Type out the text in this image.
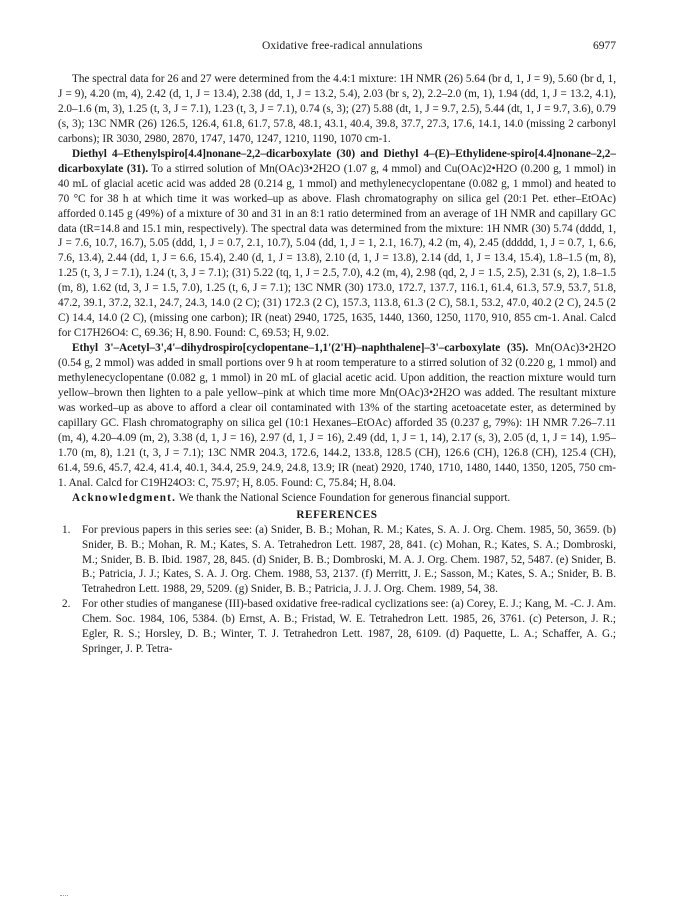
Oxidative free-radical annulations	6977

The spectral data for 26 and 27 were determined from the 4.4:1 mixture: 1H NMR (26) 5.64 (br d, 1, J = 9), 5.60 (br d, 1, J = 9), 4.20 (m, 4), 2.42 (d, 1, J = 13.4), 2.38 (dd, 1, J = 13.2, 5.4), 2.03 (br s, 2), 2.2–2.0 (m, 1), 1.94 (dd, 1, J = 13.2, 4.1), 2.0–1.6 (m, 3), 1.25 (t, 3, J = 7.1), 1.23 (t, 3, J = 7.1), 0.74 (s, 3); (27) 5.88 (dt, 1, J = 9.7, 2.5), 5.44 (dt, 1, J = 9.7, 3.6), 0.79 (s, 3); 13C NMR (26) 126.5, 126.4, 61.8, 61.7, 57.8, 48.1, 43.1, 40.4, 39.8, 37.7, 27.3, 17.6, 14.1, 14.0 (missing 2 carbonyl carbons); IR 3030, 2980, 2870, 1747, 1470, 1247, 1210, 1190, 1070 cm-1.

Diethyl 4–Ethenylspiro[4.4]nonane–2,2–dicarboxylate (30) and Diethyl 4–(E)–Ethylidene-spiro[4.4]nonane–2,2–dicarboxylate (31). To a stirred solution of Mn(OAc)3•2H2O (1.07 g, 4 mmol) and Cu(OAc)2•H2O (0.200 g, 1 mmol) in 40 mL of glacial acetic acid was added 28 (0.214 g, 1 mmol) and methylenecyclopentane (0.082 g, 1 mmol) and heated to 70 °C for 38 h at which time it was worked–up as above. Flash chromatography on silica gel (20:1 Pet. ether–EtOAc) afforded 0.145 g (49%) of a mixture of 30 and 31 in an 8:1 ratio determined from an average of 1H NMR and capillary GC data (tR=14.8 and 15.1 min, respectively). The spectral data was determined from the mixture: 1H NMR (30) 5.74 (dddd, 1, J = 7.6, 10.7, 16.7), 5.05 (ddd, 1, J = 0.7, 2.1, 10.7), 5.04 (dd, 1, J = 1, 2.1, 16.7), 4.2 (m, 4), 2.45 (ddddd, 1, J = 0.7, 1, 6.6, 7.6, 13.4), 2.44 (dd, 1, J = 6.6, 15.4), 2.40 (d, 1, J = 13.8), 2.10 (d, 1, J = 13.8), 2.14 (dd, 1, J = 13.4, 15.4), 1.8–1.5 (m, 8), 1.25 (t, 3, J = 7.1), 1.24 (t, 3, J = 7.1); (31) 5.22 (tq, 1, J = 2.5, 7.0), 4.2 (m, 4), 2.98 (qd, 2, J = 1.5, 2.5), 2.31 (s, 2), 1.8–1.5 (m, 8), 1.62 (td, 3, J = 1.5, 7.0), 1.25 (t, 6, J = 7.1); 13C NMR (30) 173.0, 172.7, 137.7, 116.1, 61.4, 61.3, 57.9, 53.7, 51.8, 47.2, 39.1, 37.2, 32.1, 24.7, 24.3, 14.0 (2 C); (31) 172.3 (2 C), 157.3, 113.8, 61.3 (2 C), 58.1, 53.2, 47.0, 40.2 (2 C), 24.5 (2 C) 14.4, 14.0 (2 C), (missing one carbon); IR (neat) 2940, 1725, 1635, 1440, 1360, 1250, 1170, 910, 855 cm-1. Anal. Calcd for C17H26O4: C, 69.36; H, 8.90. Found: C, 69.53; H, 9.02.

Ethyl 3'–Acetyl–3',4'–dihydrospiro[cyclopentane–1,1'(2'H)–naphthalene]–3'–carboxylate (35). Mn(OAc)3•2H2O (0.54 g, 2 mmol) was added in small portions over 9 h at room temperature to a stirred solution of 32 (0.220 g, 1 mmol) and methylenecyclopentane (0.082 g, 1 mmol) in 20 mL of glacial acetic acid. Upon addition, the reaction mixture would turn yellow–brown then lighten to a pale yellow–pink at which time more Mn(OAc)3•2H2O was added. The resultant mixture was worked–up as above to afford a clear oil contaminated with 13% of the starting acetoacetate ester, as determined by capillary GC. Flash chromatography on silica gel (10:1 Hexanes–EtOAc) afforded 35 (0.237 g, 79%): 1H NMR 7.26–7.11 (m, 4), 4.20–4.09 (m, 2), 3.38 (d, 1, J = 16), 2.97 (d, 1, J = 16), 2.49 (dd, 1, J = 1, 14), 2.17 (s, 3), 2.05 (d, 1, J = 14), 1.95–1.70 (m, 8), 1.21 (t, 3, J = 7.1); 13C NMR 204.3, 172.6, 144.2, 133.8, 128.5 (CH), 126.6 (CH), 126.8 (CH), 125.4 (CH), 61.4, 59.6, 45.7, 42.4, 41.4, 40.1, 34.4, 25.9, 24.9, 24.8, 13.9; IR (neat) 2920, 1740, 1710, 1480, 1440, 1350, 1205, 750 cm-1. Anal. Calcd for C19H24O3: C, 75.97; H, 8.05. Found: C, 75.84; H, 8.04.

Acknowledgment. We thank the National Science Foundation for generous financial support.

REFERENCES
1.	For previous papers in this series see: (a) Snider, B. B.; Mohan, R. M.; Kates, S. A. J. Org. Chem. 1985, 50, 3659. (b) Snider, B. B.; Mohan, R. M.; Kates, S. A. Tetrahedron Lett. 1987, 28, 841. (c) Mohan, R.; Kates, S. A.; Dombroski, M.; Snider, B. B. Ibid. 1987, 28, 845. (d) Snider, B. B.; Dombroski, M. A. J. Org. Chem. 1987, 52, 5487. (e) Snider, B. B.; Patricia, J. J.; Kates, S. A. J. Org. Chem. 1988, 53, 2137. (f) Merritt, J. E.; Sasson, M.; Kates, S. A.; Snider, B. B. Tetrahedron Lett. 1988, 29, 5209. (g) Snider, B. B.; Patricia, J. J. J. Org. Chem. 1989, 54, 38.
2.	For other studies of manganese (III)-based oxidative free-radical cyclizations see: (a) Corey, E. J.; Kang, M. -C. J. Am. Chem. Soc. 1984, 106, 5384. (b) Ernst, A. B.; Fristad, W. E. Tetrahedron Lett. 1985, 26, 3761. (c) Peterson, J. R.; Egler, R. S.; Horsley, D. B.; Winter, T. J. Tetrahedron Lett. 1987, 28, 6109. (d) Paquette, L. A.; Schaffer, A. G.; Springer, J. P. Tetra-
